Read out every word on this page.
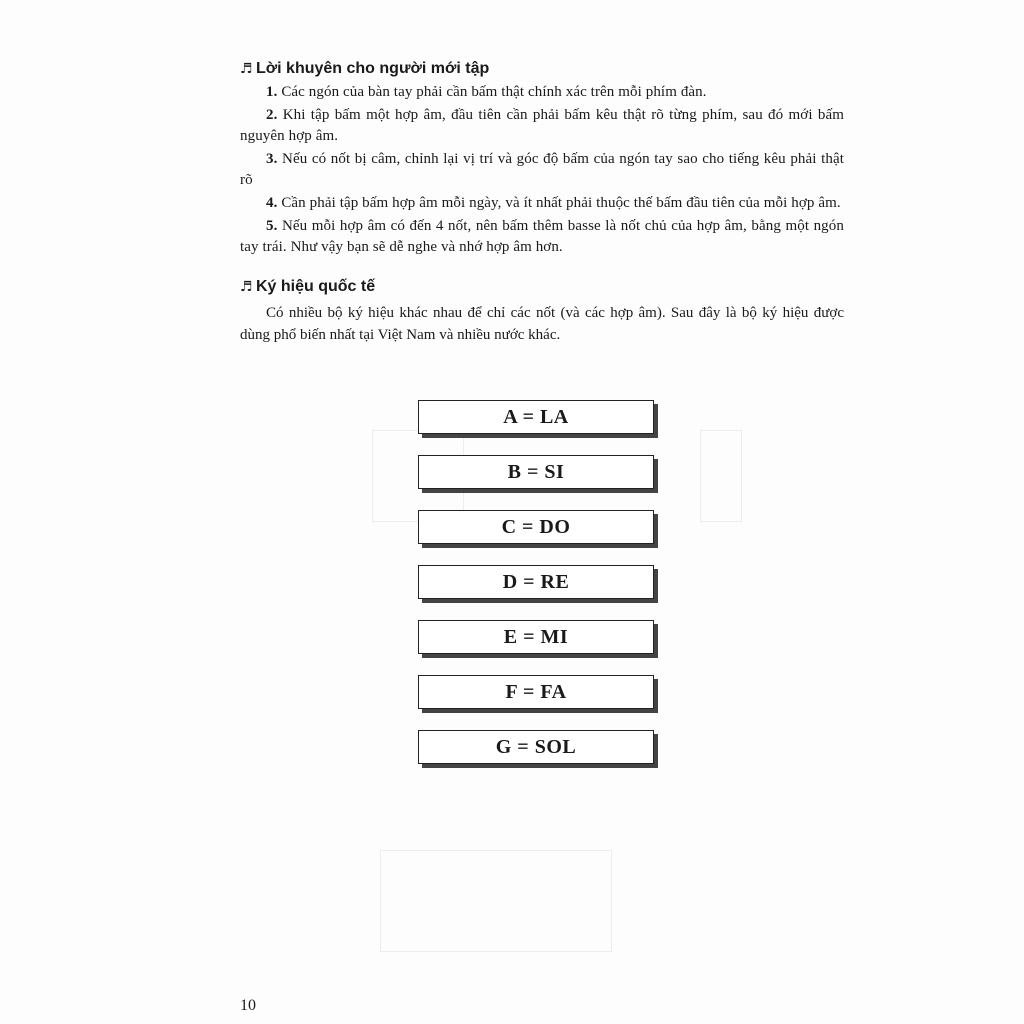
♬ Lời khuyên cho người mới tập
1. Các ngón của bàn tay phải cần bấm thật chính xác trên mỗi phím đàn.
2. Khi tập bấm một hợp âm, đầu tiên cần phải bấm kêu thật rõ từng phím, sau đó mới bấm nguyên hợp âm.
3. Nếu có nốt bị câm, chỉnh lại vị trí và góc độ bấm của ngón tay sao cho tiếng kêu phải thật rõ
4. Cần phải tập bấm hợp âm mỗi ngày, và ít nhất phải thuộc thế bấm đầu tiên của mỗi hợp âm.
5. Nếu mỗi hợp âm có đến 4 nốt, nên bấm thêm basse là nốt chủ của hợp âm, bằng một ngón tay trái. Như vậy bạn sẽ dễ nghe và nhớ hợp âm hơn.
♬ Ký hiệu quốc tế

Có nhiều bộ ký hiệu khác nhau để chỉ các nốt (và các hợp âm). Sau đây là bộ ký hiệu được dùng phổ biến nhất tại Việt Nam và nhiều nước khác.

A = LA
B = SI
C = DO
D = RE
E = MI
F = FA
G = SOL
10
